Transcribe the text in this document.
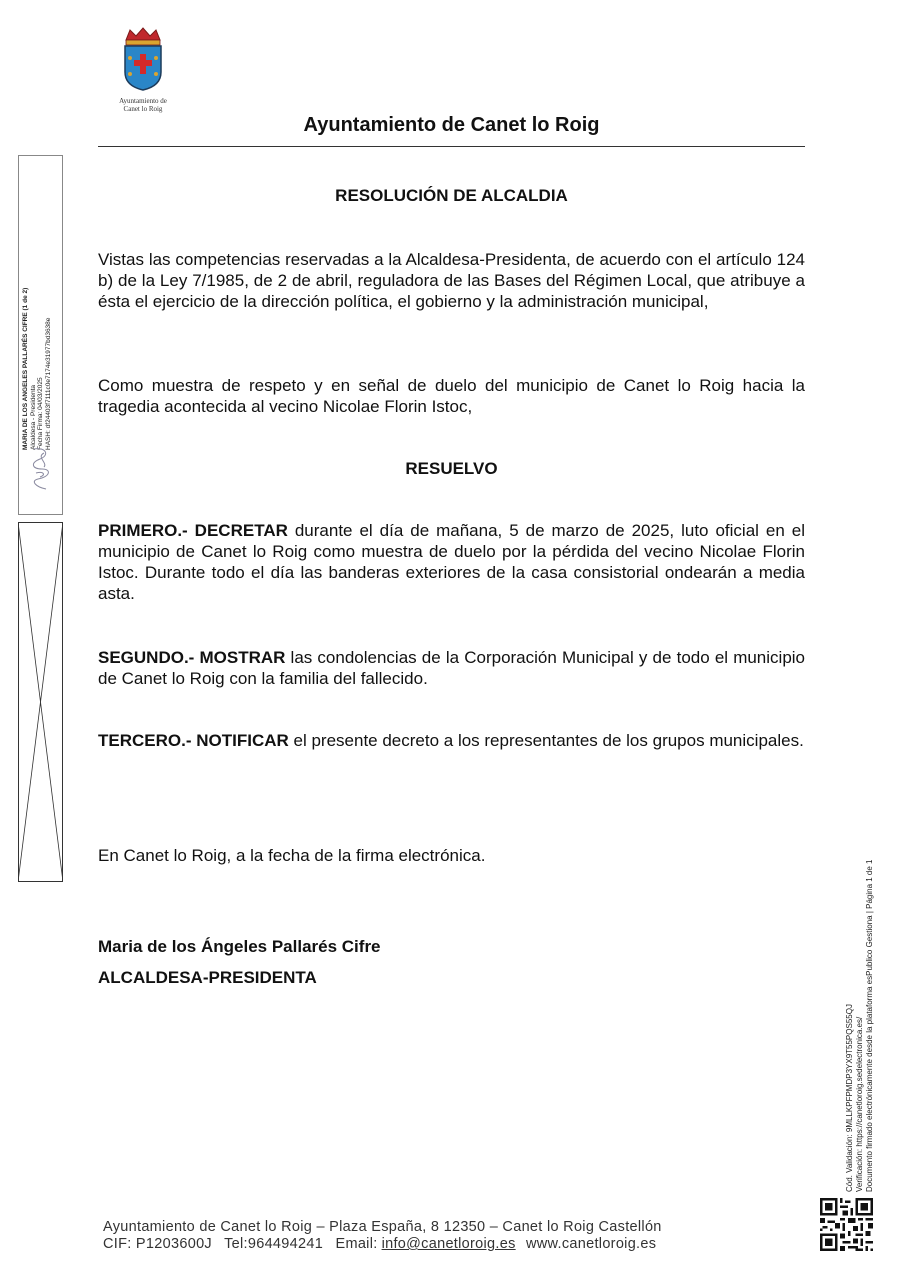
Ayuntamiento de
Canet lo Roig
Ayuntamiento de Canet lo Roig
RESOLUCIÓN DE ALCALDIA

Vistas las competencias reservadas a la Alcaldesa-Presidenta, de acuerdo con el artículo 124 b) de la Ley 7/1985, de 2 de abril, reguladora de las Bases del Régimen Local, que atribuye a ésta el ejercicio de la dirección política, el gobierno y la administración municipal,

Como muestra de respeto y en señal de duelo del municipio de Canet lo Roig hacia la tragedia acontecida al vecino Nicolae Florin Istoc,

RESUELVO

PRIMERO.- DECRETAR durante el día de mañana, 5 de marzo de 2025, luto oficial en el municipio de Canet lo Roig como muestra de duelo por la pérdida del vecino Nicolae Florin Istoc. Durante todo el día las banderas exteriores de la casa consistorial ondearán a media asta.

SEGUNDO.- MOSTRAR las condolencias de la Corporación Municipal y de todo el municipio de Canet lo Roig con la familia del fallecido.

TERCERO.- NOTIFICAR el presente decreto a los representantes de los grupos municipales.

En Canet lo Roig, a la fecha de la firma electrónica.

Maria de los Ángeles Pallarés Cifre
ALCALDESA-PRESIDENTA
MARIA DE LOS ANGELES PALLARÉS CIFRE (1 de 2) Alcaldesa - Presidenta Fecha Firma: 04/03/2025 HASH: df24403f7111c0e7174e31977bd3638e
Cód. Validación: 9MLLKPFPMDP3YX9T55PQS55QJ Verificación: https://canetloroig.sedelectronica.es/ Documento firmado electrónicamente desde la plataforma esPublico Gestiona | Página 1 de 1
Ayuntamiento de Canet lo Roig – Plaza España, 8 12350 – Canet lo Roig Castellón
CIF: P1203600J Tel:964494241 Email: info@canetloroig.es www.canetloroig.es
